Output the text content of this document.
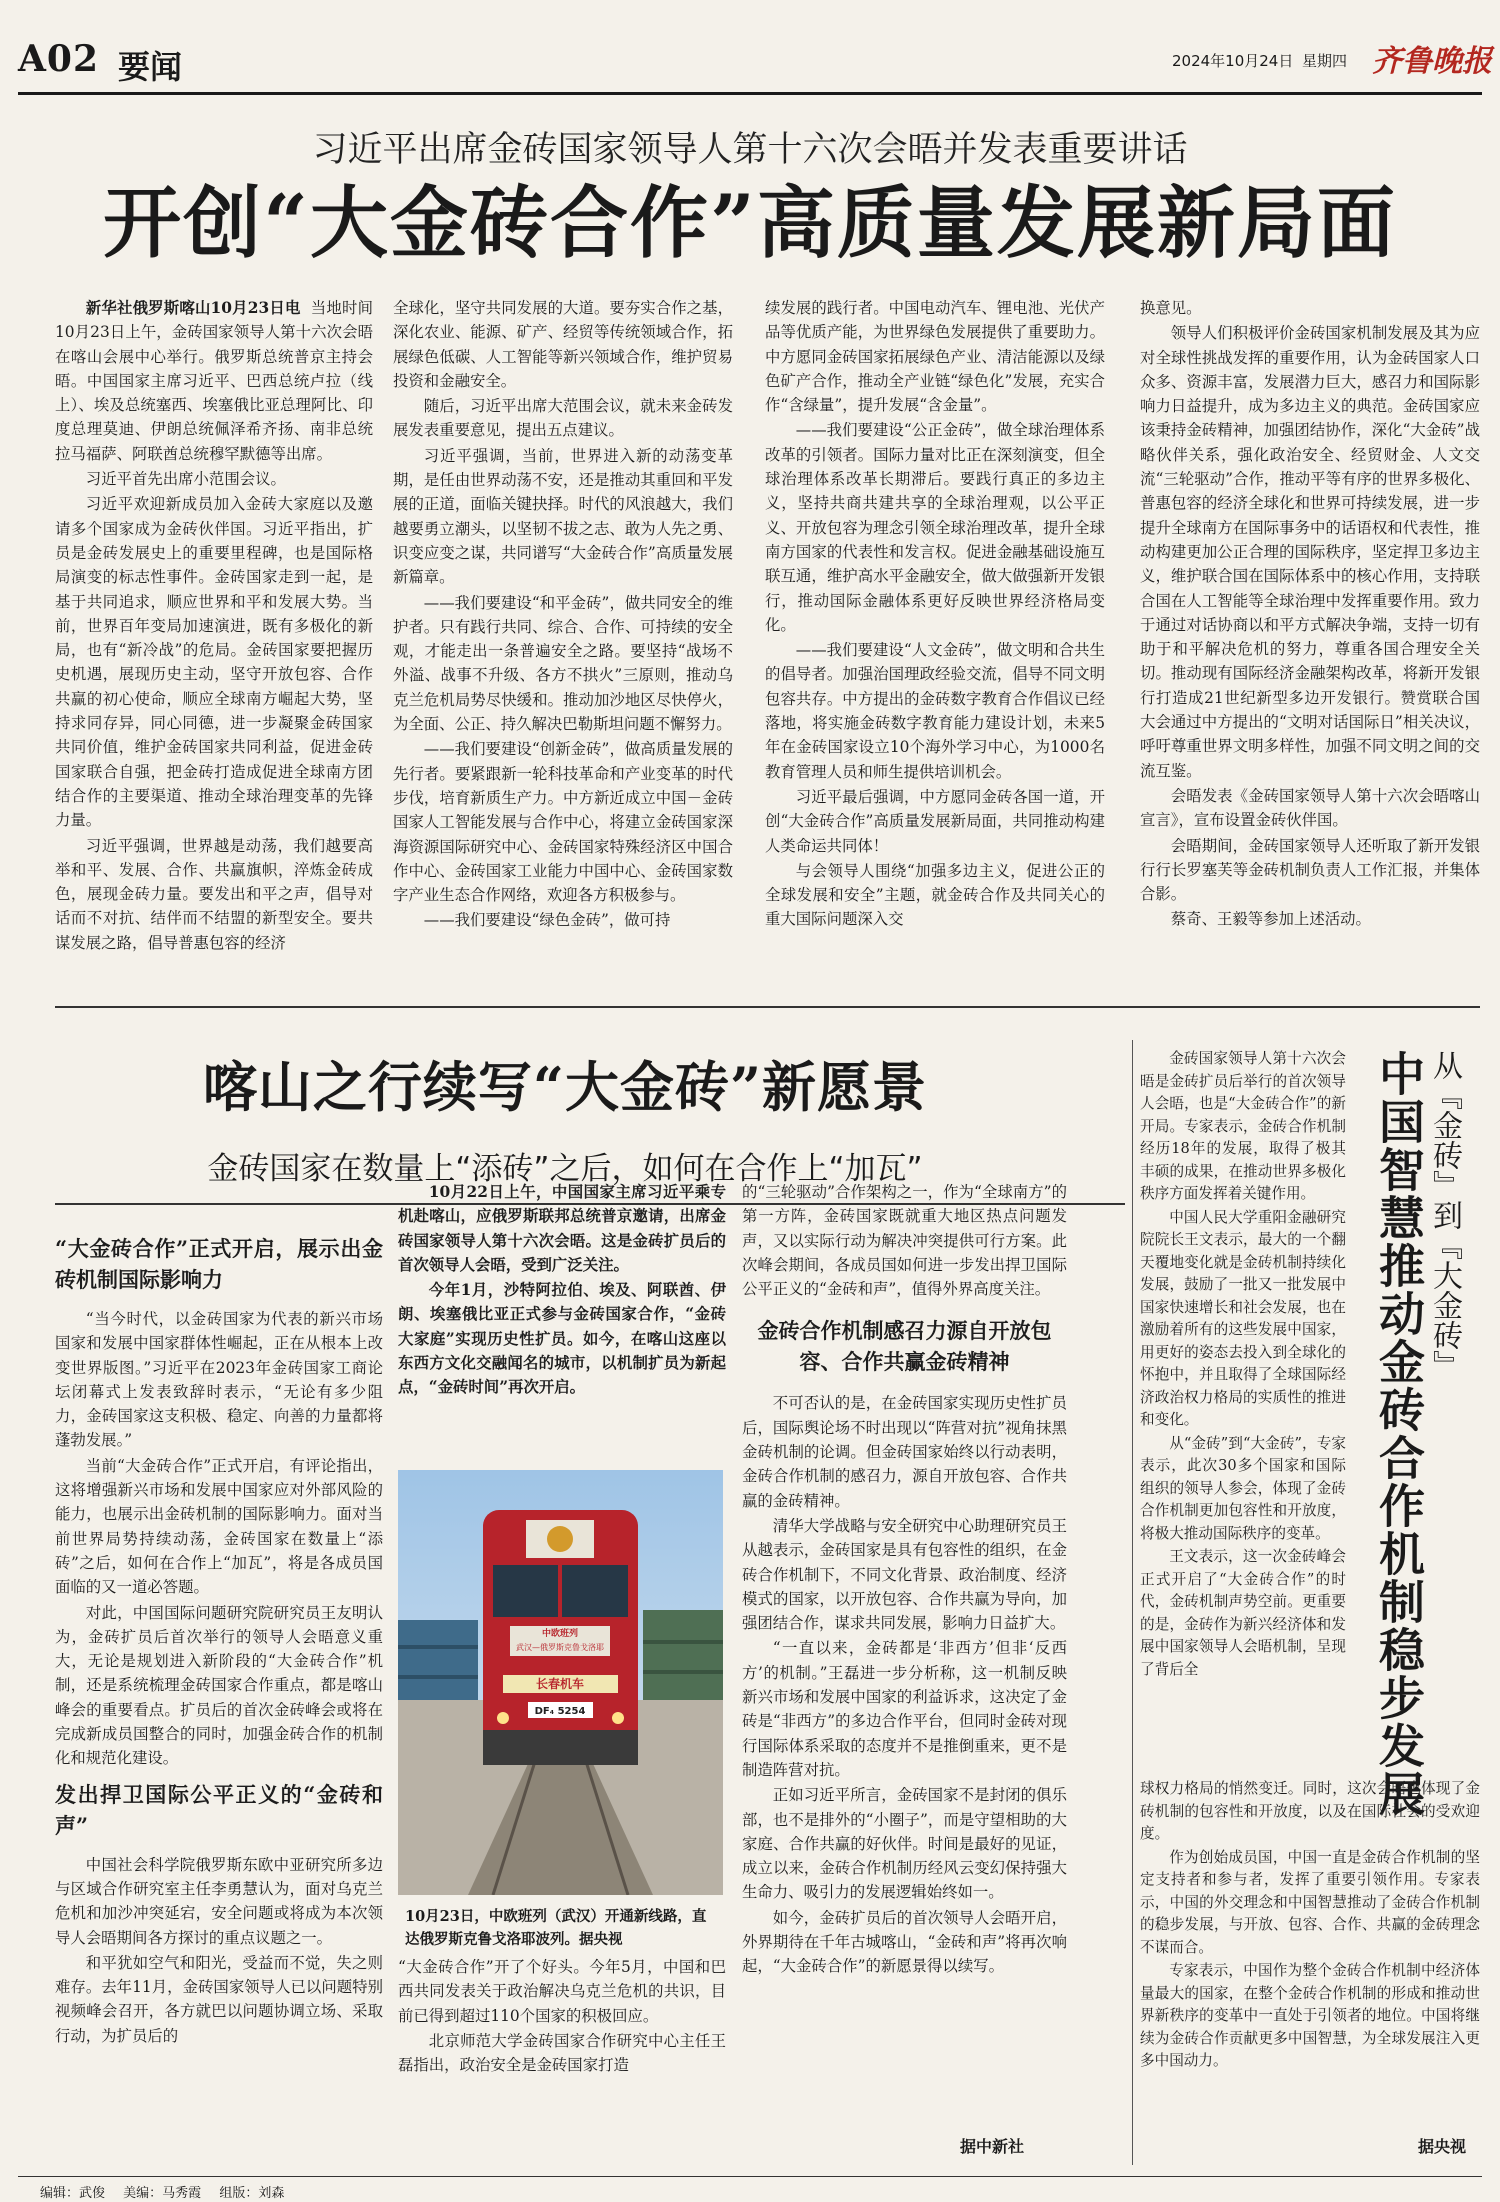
A02 要闻	2024年10月24日 星期四 齐鲁晚报
习近平出席金砖国家领导人第十六次会晤并发表重要讲话
开创“大金砖合作”高质量发展新局面

新华社俄罗斯喀山10月23日电 当地时间10月23日上午，金砖国家领导人第十六次会晤在喀山会展中心举行。俄罗斯总统普京主持会晤。中国国家主席习近平、巴西总统卢拉（线上）、埃及总统塞西、埃塞俄比亚总理阿比、印度总理莫迪、伊朗总统佩泽希齐扬、南非总统拉马福萨、阿联酋总统穆罕默德等出席。

习近平首先出席小范围会议。

习近平欢迎新成员加入金砖大家庭以及邀请多个国家成为金砖伙伴国。习近平指出，扩员是金砖发展史上的重要里程碑，也是国际格局演变的标志性事件。金砖国家走到一起，是基于共同追求，顺应世界和平和发展大势。当前，世界百年变局加速演进，既有多极化的新局，也有“新冷战”的危局。金砖国家要把握历史机遇，展现历史主动，坚守开放包容、合作共赢的初心使命，顺应全球南方崛起大势，坚持求同存异，同心同德，进一步凝聚金砖国家共同价值，维护金砖国家共同利益，促进金砖国家联合自强，把金砖打造成促进全球南方团结合作的主要渠道、推动全球治理变革的先锋力量。

习近平强调，世界越是动荡，我们越要高举和平、发展、合作、共赢旗帜，淬炼金砖成色，展现金砖力量。要发出和平之声，倡导对话而不对抗、结伴而不结盟的新型安全。要共谋发展之路，倡导普惠包容的经济

全球化，坚守共同发展的大道。要夯实合作之基，深化农业、能源、矿产、经贸等传统领域合作，拓展绿色低碳、人工智能等新兴领域合作，维护贸易投资和金融安全。

随后，习近平出席大范围会议，就未来金砖发展发表重要意见，提出五点建议。

习近平强调，当前，世界进入新的动荡变革期，是任由世界动荡不安，还是推动其重回和平发展的正道，面临关键抉择。时代的风浪越大，我们越要勇立潮头，以坚韧不拔之志、敢为人先之勇、识变应变之谋，共同谱写“大金砖合作”高质量发展新篇章。

——我们要建设“和平金砖”，做共同安全的维护者。只有践行共同、综合、合作、可持续的安全观，才能走出一条普遍安全之路。要坚持“战场不外溢、战事不升级、各方不拱火”三原则，推动乌克兰危机局势尽快缓和。推动加沙地区尽快停火，为全面、公正、持久解决巴勒斯坦问题不懈努力。

——我们要建设“创新金砖”，做高质量发展的先行者。要紧跟新一轮科技革命和产业变革的时代步伐，培育新质生产力。中方新近成立中国－金砖国家人工智能发展与合作中心，将建立金砖国家深海资源国际研究中心、金砖国家特殊经济区中国合作中心、金砖国家工业能力中国中心、金砖国家数字产业生态合作网络，欢迎各方积极参与。

——我们要建设“绿色金砖”，做可持

续发展的践行者。中国电动汽车、锂电池、光伏产品等优质产能，为世界绿色发展提供了重要助力。中方愿同金砖国家拓展绿色产业、清洁能源以及绿色矿产合作，推动全产业链“绿色化”发展，充实合作“含绿量”，提升发展“含金量”。

——我们要建设“公正金砖”，做全球治理体系改革的引领者。国际力量对比正在深刻演变，但全球治理体系改革长期滞后。要践行真正的多边主义，坚持共商共建共享的全球治理观，以公平正义、开放包容为理念引领全球治理改革，提升全球南方国家的代表性和发言权。促进金融基础设施互联互通，维护高水平金融安全，做大做强新开发银行，推动国际金融体系更好反映世界经济格局变化。

——我们要建设“人文金砖”，做文明和合共生的倡导者。加强治国理政经验交流，倡导不同文明包容共存。中方提出的金砖数字教育合作倡议已经落地，将实施金砖数字教育能力建设计划，未来5年在金砖国家设立10个海外学习中心，为1000名教育管理人员和师生提供培训机会。

习近平最后强调，中方愿同金砖各国一道，开创“大金砖合作”高质量发展新局面，共同推动构建人类命运共同体！

与会领导人围绕“加强多边主义，促进公正的全球发展和安全”主题，就金砖合作及共同关心的重大国际问题深入交

换意见。

领导人们积极评价金砖国家机制发展及其为应对全球性挑战发挥的重要作用，认为金砖国家人口众多、资源丰富，发展潜力巨大，感召力和国际影响力日益提升，成为多边主义的典范。金砖国家应该秉持金砖精神，加强团结协作，深化“大金砖”战略伙伴关系，强化政治安全、经贸财金、人文交流“三轮驱动”合作，推动平等有序的世界多极化、普惠包容的经济全球化和世界可持续发展，进一步提升全球南方在国际事务中的话语权和代表性，推动构建更加公正合理的国际秩序，坚定捍卫多边主义，维护联合国在国际体系中的核心作用，支持联合国在人工智能等全球治理中发挥重要作用。致力于通过对话协商以和平方式解决争端，支持一切有助于和平解决危机的努力，尊重各国合理安全关切。推动现有国际经济金融架构改革，将新开发银行打造成21世纪新型多边开发银行。赞赏联合国大会通过中方提出的“文明对话国际日”相关决议，呼吁尊重世界文明多样性，加强不同文明之间的交流互鉴。

会晤发表《金砖国家领导人第十六次会晤喀山宣言》，宣布设置金砖伙伴国。

会晤期间，金砖国家领导人还听取了新开发银行行长罗塞芙等金砖机制负责人工作汇报，并集体合影。

蔡奇、王毅等参加上述活动。

喀山之行续写“大金砖”新愿景
金砖国家在数量上“添砖”之后，如何在合作上“加瓦”
“大金砖合作”正式开启，展示出金砖机制国际影响力

“当今时代，以金砖国家为代表的新兴市场国家和发展中国家群体性崛起，正在从根本上改变世界版图。”习近平在2023年金砖国家工商论坛闭幕式上发表致辞时表示，“无论有多少阻力，金砖国家这支积极、稳定、向善的力量都将蓬勃发展。”

当前“大金砖合作”正式开启，有评论指出，这将增强新兴市场和发展中国家应对外部风险的能力，也展示出金砖机制的国际影响力。面对当前世界局势持续动荡，金砖国家在数量上“添砖”之后，如何在合作上“加瓦”，将是各成员国面临的又一道必答题。

对此，中国国际问题研究院研究员王友明认为，金砖扩员后首次举行的领导人会晤意义重大，无论是规划进入新阶段的“大金砖合作”机制，还是系统梳理金砖国家合作重点，都是喀山峰会的重要看点。扩员后的首次金砖峰会或将在完成新成员国整合的同时，加强金砖合作的机制化和规范化建设。

发出捍卫国际公平正义的“金砖和声”

中国社会科学院俄罗斯东欧中亚研究所多边与区域合作研究室主任李勇慧认为，面对乌克兰危机和加沙冲突延宕，安全问题或将成为本次领导人会晤期间各方探讨的重点议题之一。

和平犹如空气和阳光，受益而不觉，失之则难存。去年11月，金砖国家领导人已以问题特别视频峰会召开，各方就巴以问题协调立场、采取行动，为扩员后的

10月22日上午，中国国家主席习近平乘专机赴喀山，应俄罗斯联邦总统普京邀请，出席金砖国家领导人第十六次会晤。这是金砖扩员后的首次领导人会晤，受到广泛关注。

今年1月，沙特阿拉伯、埃及、阿联酋、伊朗、埃塞俄比亚正式参与金砖国家合作，“金砖大家庭”实现历史性扩员。如今，在喀山这座以东西方文化交融闻名的城市，以机制扩员为新起点，“金砖时间”再次开启。

中欧班列
武汉—俄罗斯克鲁戈洛耶
长春机车
DF₄ 5254
10月23日，中欧班列（武汉）开通新线路，直达俄罗斯克鲁戈洛耶波列。据央视

“大金砖合作”开了个好头。今年5月，中国和巴西共同发表关于政治解决乌克兰危机的共识，目前已得到超过110个国家的积极回应。

北京师范大学金砖国家合作研究中心主任王磊指出，政治安全是金砖国家打造

的“三轮驱动”合作架构之一，作为“全球南方”的第一方阵，金砖国家既就重大地区热点问题发声，又以实际行动为解决冲突提供可行方案。此次峰会期间，各成员国如何进一步发出捍卫国际公平正义的“金砖和声”，值得外界高度关注。

金砖合作机制感召力源自开放包容、合作共赢金砖精神

不可否认的是，在金砖国家实现历史性扩员后，国际舆论场不时出现以“阵营对抗”视角抹黑金砖机制的论调。但金砖国家始终以行动表明，金砖合作机制的感召力，源自开放包容、合作共赢的金砖精神。

清华大学战略与安全研究中心助理研究员王从越表示，金砖国家是具有包容性的组织，在金砖合作机制下，不同文化背景、政治制度、经济模式的国家，以开放包容、合作共赢为导向，加强团结合作，谋求共同发展，影响力日益扩大。

“一直以来，金砖都是‘非西方’但非‘反西方’的机制。”王磊进一步分析称，这一机制反映新兴市场和发展中国家的利益诉求，这决定了金砖是“非西方”的多边合作平台，但同时金砖对现行国际体系采取的态度并不是推倒重来，更不是制造阵营对抗。

正如习近平所言，金砖国家不是封闭的俱乐部，也不是排外的“小圈子”，而是守望相助的大家庭、合作共赢的好伙伴。时间是最好的见证，成立以来，金砖合作机制历经风云变幻保持强大生命力、吸引力的发展逻辑始终如一。

如今，金砖扩员后的首次领导人会晤开启，外界期待在千年古城喀山，“金砖和声”将再次响起，“大金砖合作”的新愿景得以续写。

据中新社
从『金砖』到『大金砖』
中国智慧推动金砖合作机制稳步发展

金砖国家领导人第十六次会晤是金砖扩员后举行的首次领导人会晤，也是“大金砖合作”的新开局。专家表示，金砖合作机制经历18年的发展，取得了极其丰硕的成果，在推动世界多极化秩序方面发挥着关键作用。

中国人民大学重阳金融研究院院长王文表示，最大的一个翻天覆地变化就是金砖机制持续化发展，鼓励了一批又一批发展中国家快速增长和社会发展，也在激励着所有的这些发展中国家，用更好的姿态去投入到全球化的怀抱中，并且取得了全球国际经济政治权力格局的实质性的推进和变化。

从“金砖”到“大金砖”，专家表示，此次30多个国家和国际组织的领导人参会，体现了金砖合作机制更加包容性和开放度，将极大推动国际秩序的变革。

王文表示，这一次金砖峰会正式开启了“大金砖合作”的时代，金砖机制声势空前。更重要的是，金砖作为新兴经济体和发展中国家领导人会晤机制，呈现了背后全

球权力格局的悄然变迁。同时，这次会晤也体现了金砖机制的包容性和开放度，以及在国际社会的受欢迎度。

作为创始成员国，中国一直是金砖合作机制的坚定支持者和参与者，发挥了重要引领作用。专家表示，中国的外交理念和中国智慧推动了金砖合作机制的稳步发展，与开放、包容、合作、共赢的金砖理念不谋而合。

专家表示，中国作为整个金砖合作机制中经济体量最大的国家，在整个金砖合作机制的形成和推动世界新秩序的变革中一直处于引领者的地位。中国将继续为金砖合作贡献更多中国智慧，为全球发展注入更多中国动力。

据央视
编辑：武俊 美编：马秀霞 组版：刘森
